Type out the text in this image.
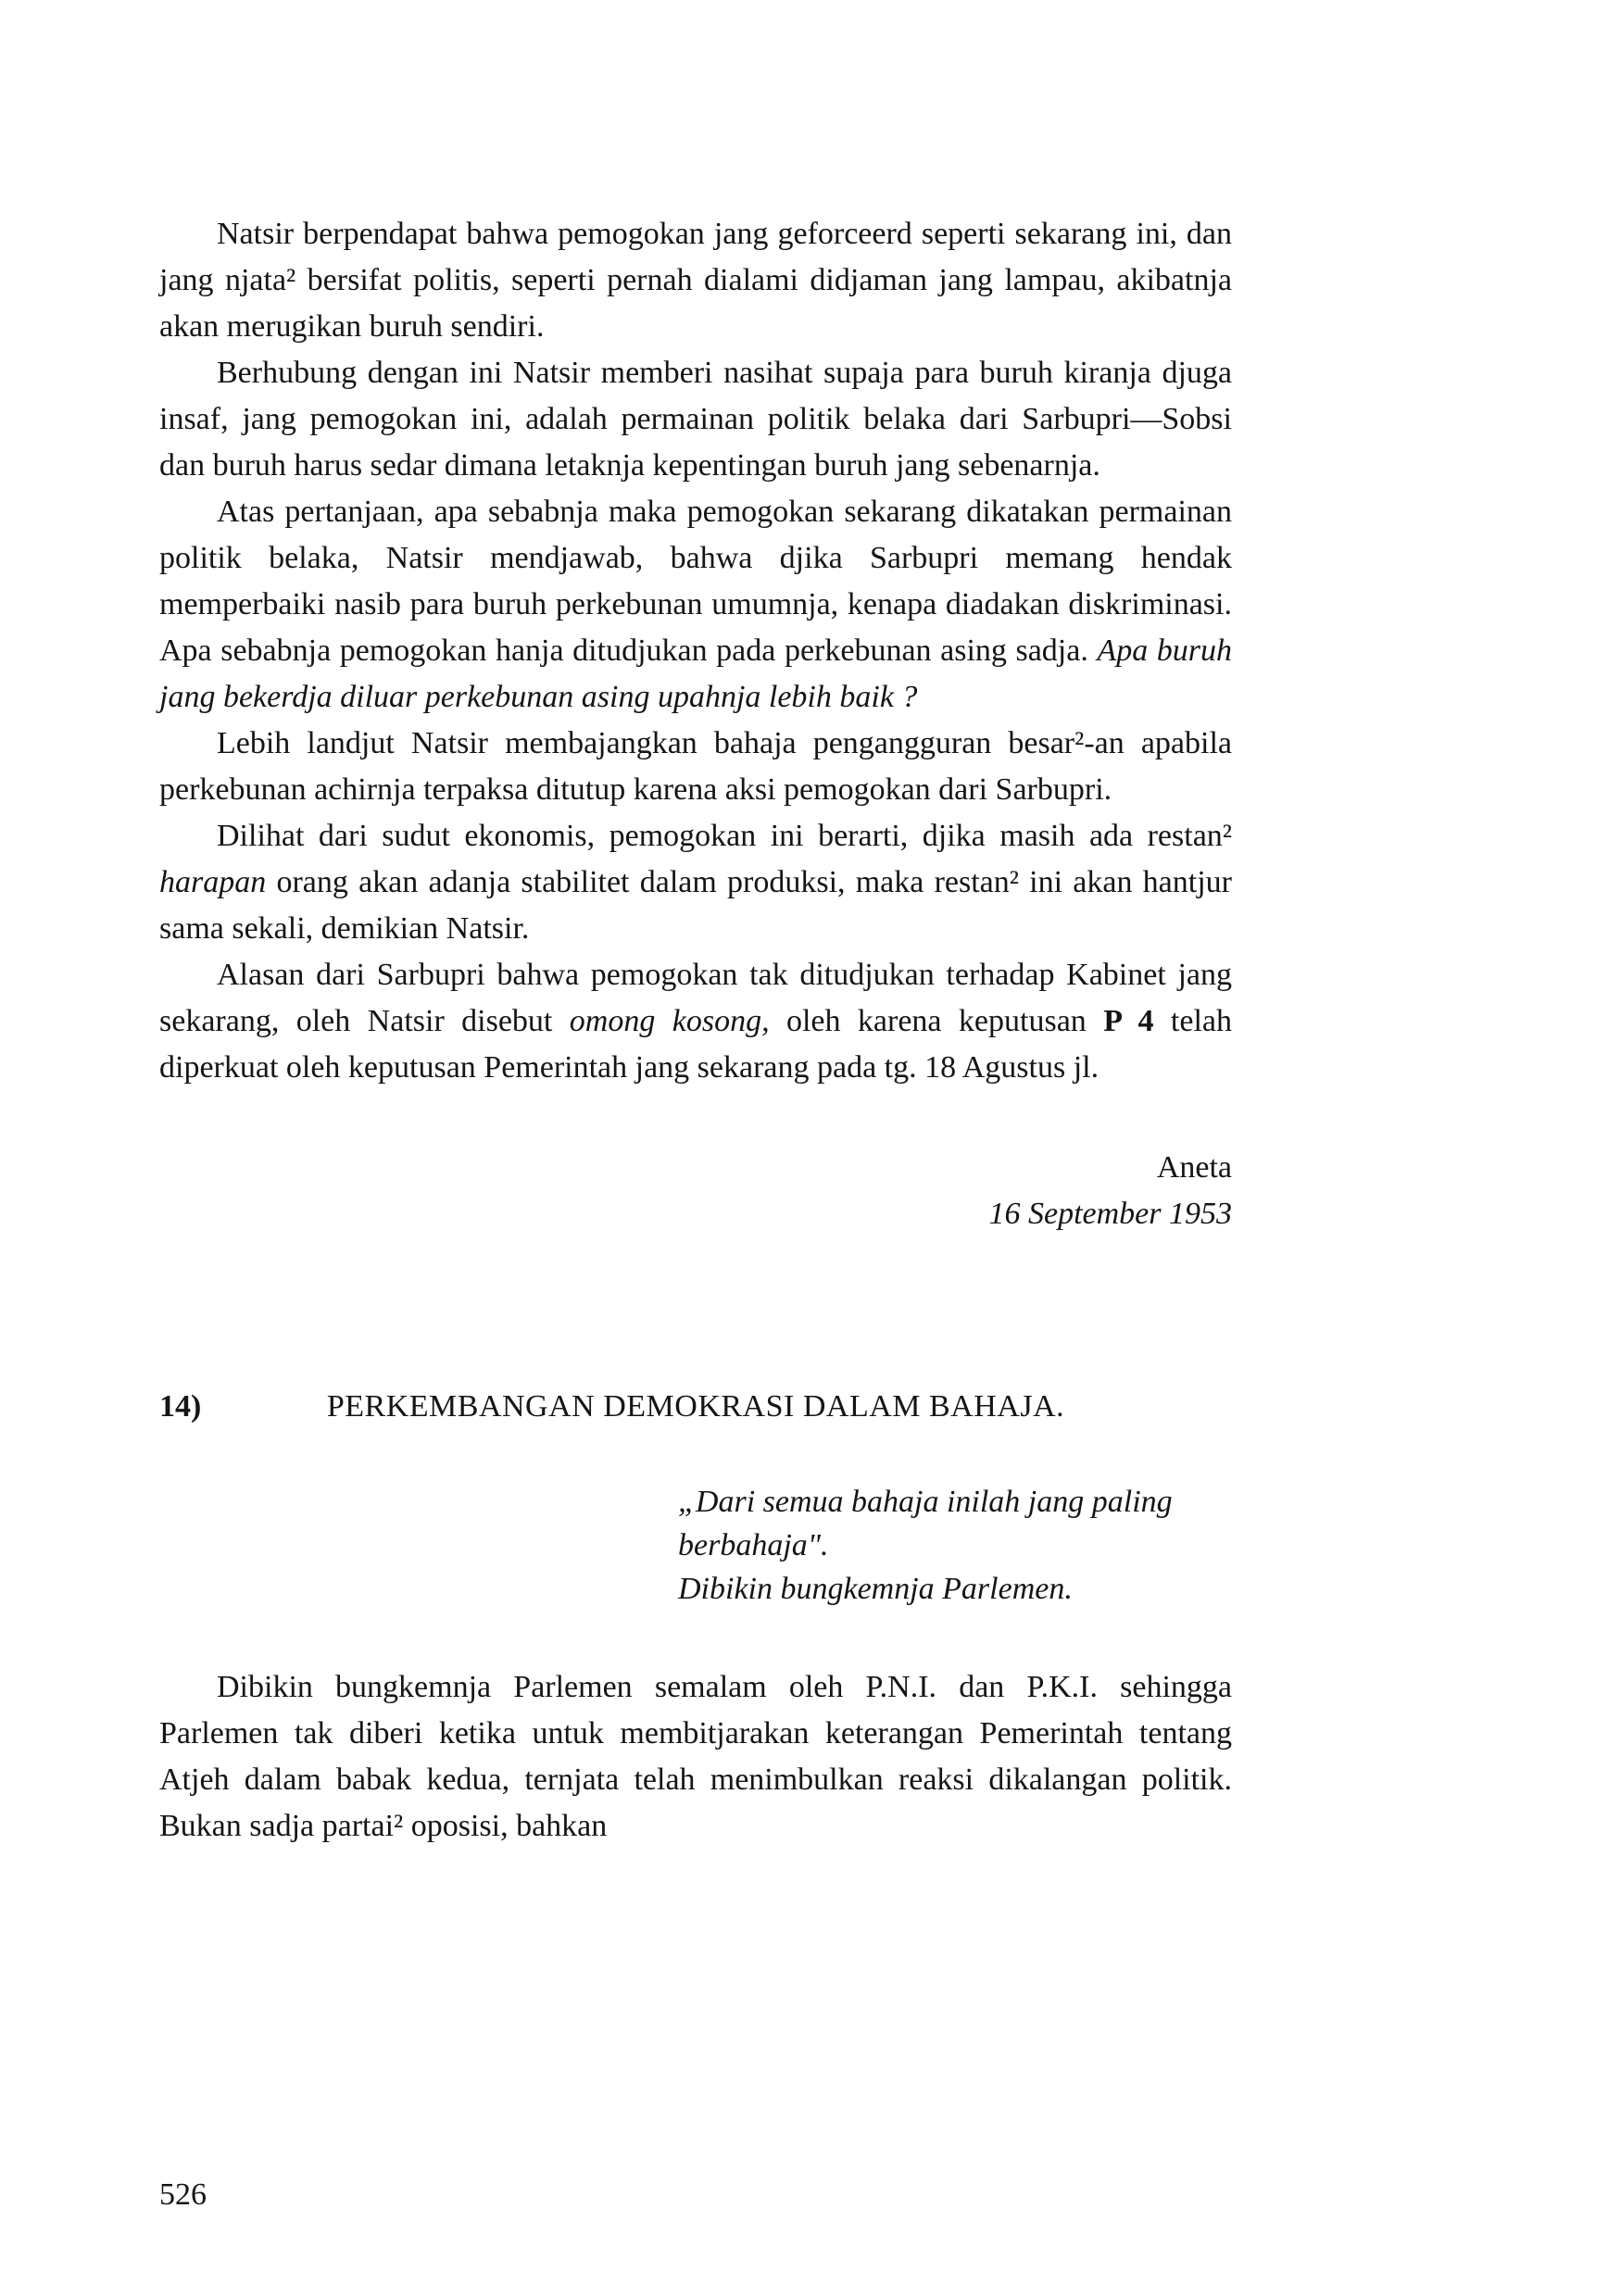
Natsir berpendapat bahwa pemogokan jang geforceerd seperti sekarang ini, dan jang njata² bersifat politis, seperti pernah dialami didjaman jang lampau, akibatnja akan merugikan buruh sendiri.

Berhubung dengan ini Natsir memberi nasihat supaja para buruh kiranja djuga insaf, jang pemogokan ini, adalah permainan politik belaka dari Sarbupri—Sobsi dan buruh harus sedar dimana letaknja kepentingan buruh jang sebenarnja.

Atas pertanjaan, apa sebabnja maka pemogokan sekarang dikatakan permainan politik belaka, Natsir mendjawab, bahwa djika Sarbupri memang hendak memperbaiki nasib para buruh perkebunan umumnja, kenapa diadakan diskriminasi. Apa sebabnja pemogokan hanja ditudjukan pada perkebunan asing sadja. Apa buruh jang bekerdja diluar perkebunan asing upahnja lebih baik ?

Lebih landjut Natsir membajangkan bahaja pengangguran besar²-an apabila perkebunan achirnja terpaksa ditutup karena aksi pemogokan dari Sarbupri.

Dilihat dari sudut ekonomis, pemogokan ini berarti, djika masih ada restan² harapan orang akan adanja stabilitet dalam produksi, maka restan² ini akan hantjur sama sekali, demikian Natsir.

Alasan dari Sarbupri bahwa pemogokan tak ditudjukan terhadap Kabinet jang sekarang, oleh Natsir disebut omong kosong, oleh karena keputusan P 4 telah diperkuat oleh keputusan Pemerintah jang sekarang pada tg. 18 Agustus jl.

Aneta
16 September 1953
14)	PERKEMBANGAN DEMOKRASI DALAM BAHAJA.
„Dari semua bahaja inilah jang paling berbahaja".
Dibikin bungkemnja Parlemen.

Dibikin bungkemnja Parlemen semalam oleh P.N.I. dan P.K.I. sehingga Parlemen tak diberi ketika untuk membitjarakan keterangan Pemerintah tentang Atjeh dalam babak kedua, ternjata telah menimbulkan reaksi dikalangan politik. Bukan sadja partai² oposisi, bahkan

526
